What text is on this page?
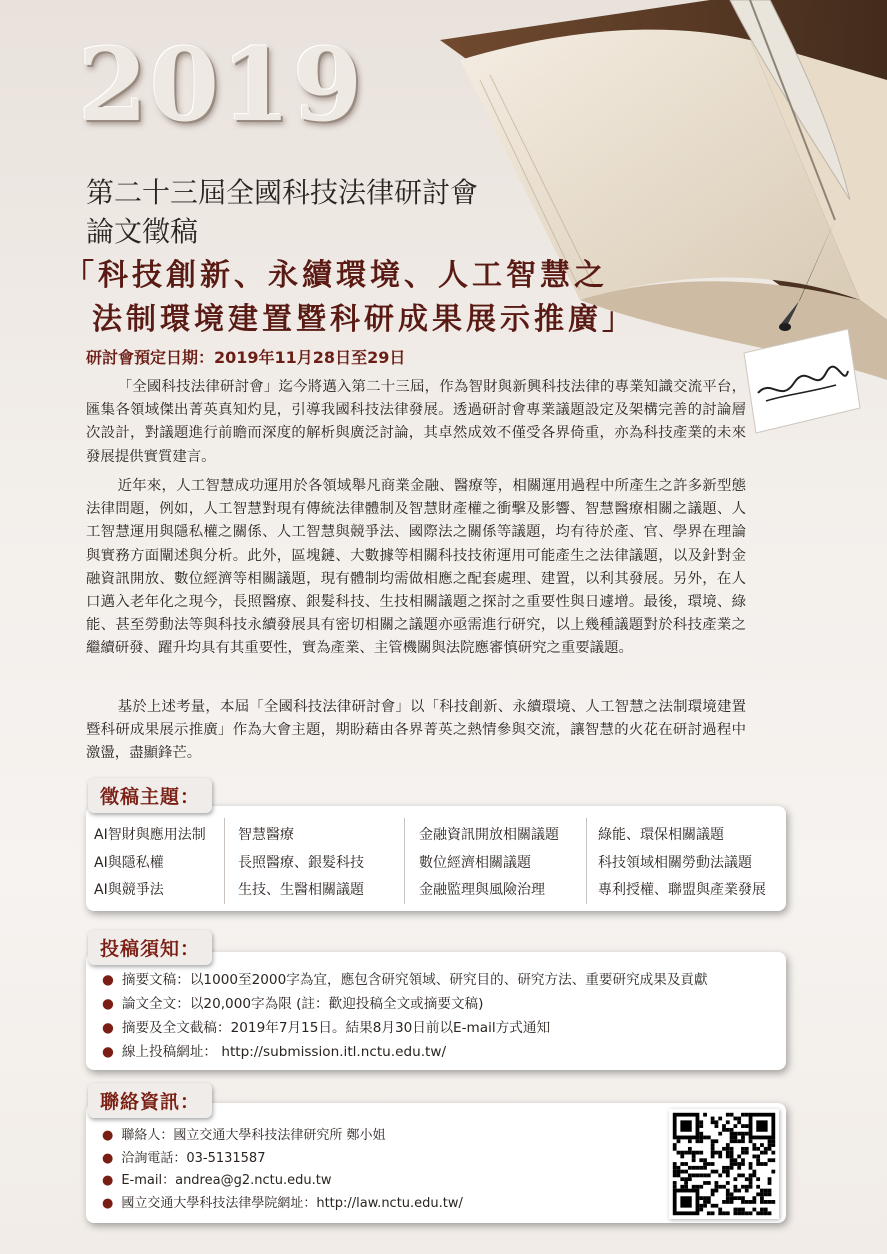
2019
第二十三屆全國科技法律研討會
論文徵稿
「科技創新、永續環境、人工智慧之
法制環境建置暨科研成果展示推廣」
研討會預定日期：2019年11月28日至29日

「全國科技法律研討會」迄今將邁入第二十三屆，作為智財與新興科技法律的專業知識交流平台，匯集各領域傑出菁英真知灼見，引導我國科技法律發展。透過研討會專業議題設定及架構完善的討論層次設計，對議題進行前瞻而深度的解析與廣泛討論，其卓然成效不僅受各界倚重，亦為科技產業的未來發展提供實質建言。

近年來，人工智慧成功運用於各領域舉凡商業金融、醫療等，相關運用過程中所產生之許多新型態法律問題，例如，人工智慧對現有傳統法律體制及智慧財產權之衝擊及影響、智慧醫療相關之議題、人工智慧運用與隱私權之關係、人工智慧與競爭法、國際法之關係等議題，均有待於產、官、學界在理論與實務方面闡述與分析。此外，區塊鏈、大數據等相關科技技術運用可能產生之法律議題，以及針對金融資訊開放、數位經濟等相關議題，現有體制均需做相應之配套處理、建置，以利其發展。另外，在人口邁入老年化之現今，長照醫療、銀髮科技、生技相關議題之探討之重要性與日遽增。最後，環境、綠能、甚至勞動法等與科技永續發展具有密切相關之議題亦亟需進行研究，以上幾種議題對於科技產業之繼續研發、躍升均具有其重要性，實為產業、主管機關與法院應審慎研究之重要議題。

基於上述考量，本屆「全國科技法律研討會」以「科技創新、永續環境、人工智慧之法制環境建置暨科研成果展示推廣」作為大會主題，期盼藉由各界菁英之熱情參與交流，讓智慧的火花在研討過程中激盪，盡顯鋒芒。

AI智財與應用法制
AI與隱私權
AI與競爭法
智慧醫療
長照醫療、銀髮科技
生技、生醫相關議題
金融資訊開放相關議題
數位經濟相關議題
金融監理與風險治理
綠能、環保相關議題
科技領域相關勞動法議題
專利授權、聯盟與產業發展
徵稿主題：
● 摘要文稿：以1000至2000字為宜，應包含研究領域、研究目的、研究方法、重要研究成果及貢獻
● 論文全文：以20,000字為限 (註：歡迎投稿全文或摘要文稿)
● 摘要及全文截稿：2019年7月15日。結果8月30日前以E-mail方式通知
● 線上投稿網址： http://submission.itl.nctu.edu.tw/
投稿須知：
● 聯絡人：國立交通大學科技法律研究所 鄭小姐
● 洽詢電話：03-5131587
● E-mail：andrea@g2.nctu.edu.tw
● 國立交通大學科技法律學院網址：http://law.nctu.edu.tw/
聯絡資訊：
